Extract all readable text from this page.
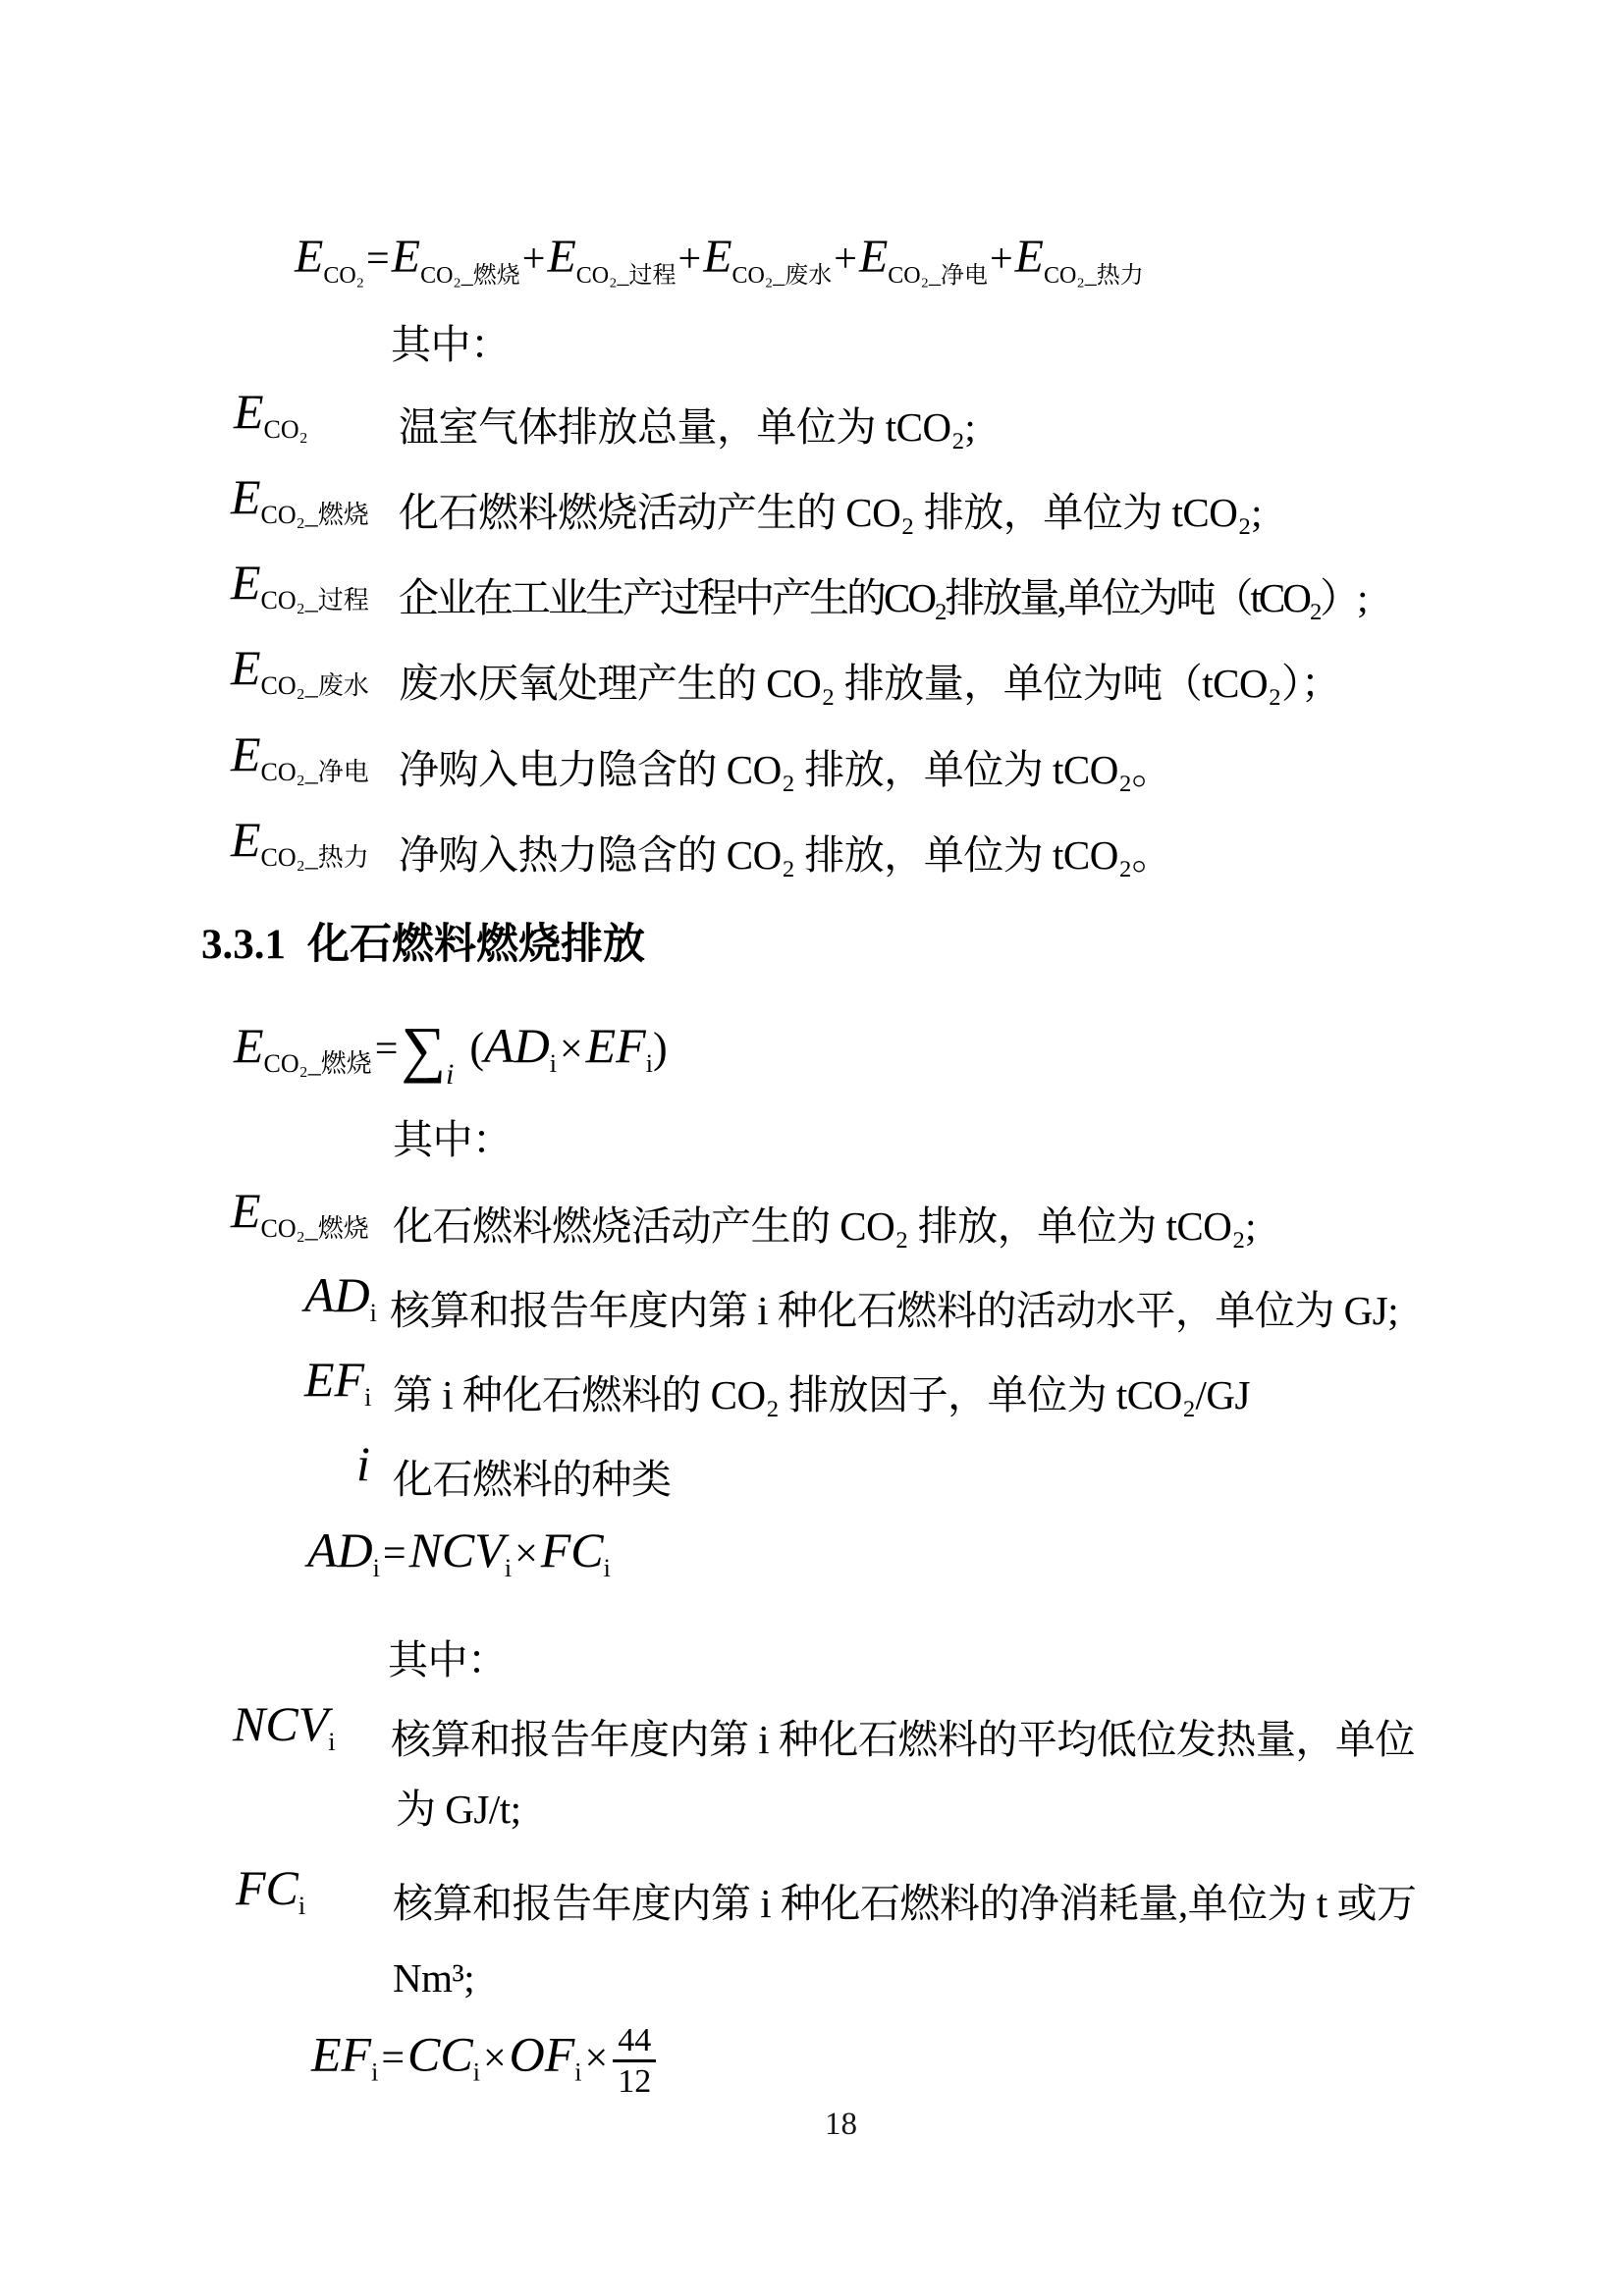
$E_{CO_2}=E_{CO_2\_燃烧}+E_{CO_2\_过程}+E_{CO_2\_废水}+E_{CO_2\_净电}+E_{CO_2\_热力}$
其中：
$E_{CO_2}$ 温室气体排放总量，单位为 tCO₂;
$E_{CO_2\_燃烧}$ 化石燃料燃烧活动产生的 CO₂ 排放，单位为 tCO₂;
$E_{CO_2\_过程}$ 企业在工业生产过程中产生的CO₂排放量,单位为吨（tCO₂）;
$E_{CO_2\_废水}$ 废水厌氧处理产生的 CO₂ 排放量，单位为吨（tCO₂）；
$E_{CO_2\_净电}$ 净购入电力隐含的 CO₂ 排放，单位为 tCO₂。
$E_{CO_2\_热力}$ 净购入热力隐含的 CO₂ 排放，单位为 tCO₂。
3.3.1 化石燃料燃烧排放
$E_{CO_2\_燃烧}=\sum_i(AD_i\times EF_i)$
其中：
$E_{CO_2\_燃烧}$ 化石燃料燃烧活动产生的 CO₂ 排放，单位为 tCO₂;
$AD_i$ 核算和报告年度内第 i 种化石燃料的活动水平，单位为 GJ;
$EF_i$ 第 i 种化石燃料的 CO₂ 排放因子，单位为 tCO₂/GJ
i 化石燃料的种类
$AD_i=NCV_i\times FC_i$
其中：
$NCV_i$ 核算和报告年度内第 i 种化石燃料的平均低位发热量，单位
为 GJ/t;
$FC_i$ 核算和报告年度内第 i 种化石燃料的净消耗量,单位为 t 或万
Nm³;
$EF_i=CC_i\times OF_i\times \frac{44}{12}$
18
